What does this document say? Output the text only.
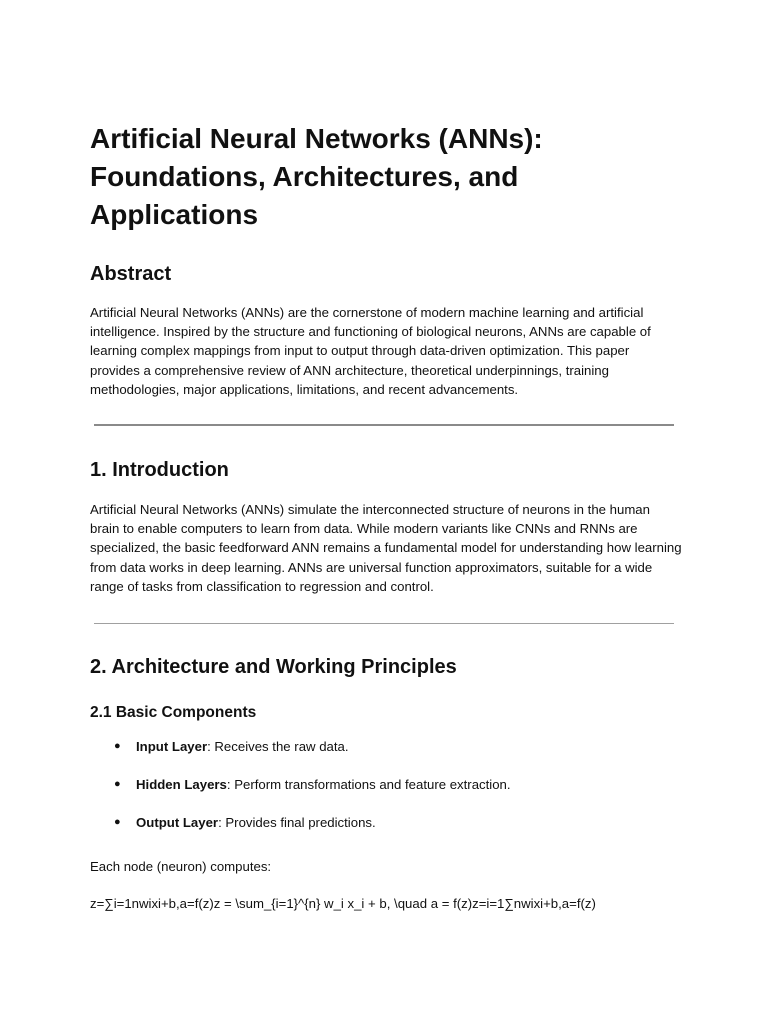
Artificial Neural Networks (ANNs): Foundations, Architectures, and Applications
Abstract

Artificial Neural Networks (ANNs) are the cornerstone of modern machine learning and artificial intelligence. Inspired by the structure and functioning of biological neurons, ANNs are capable of learning complex mappings from input to output through data-driven optimization. This paper provides a comprehensive review of ANN architecture, theoretical underpinnings, training methodologies, major applications, limitations, and recent advancements.

1. Introduction

Artificial Neural Networks (ANNs) simulate the interconnected structure of neurons in the human brain to enable computers to learn from data. While modern variants like CNNs and RNNs are specialized, the basic feedforward ANN remains a fundamental model for understanding how learning from data works in deep learning. ANNs are universal function approximators, suitable for a wide range of tasks from classification to regression and control.

2. Architecture and Working Principles
2.1 Basic Components
● Input Layer: Receives the raw data.
● Hidden Layers: Perform transformations and feature extraction.
● Output Layer: Provides final predictions.

Each node (neuron) computes:

z=∑i=1nwixi+b,a=f(z)z = \sum_{i=1}^{n} w_i x_i + b, \quad a = f(z)z=i=1∑nwixi+b,a=f(z)
